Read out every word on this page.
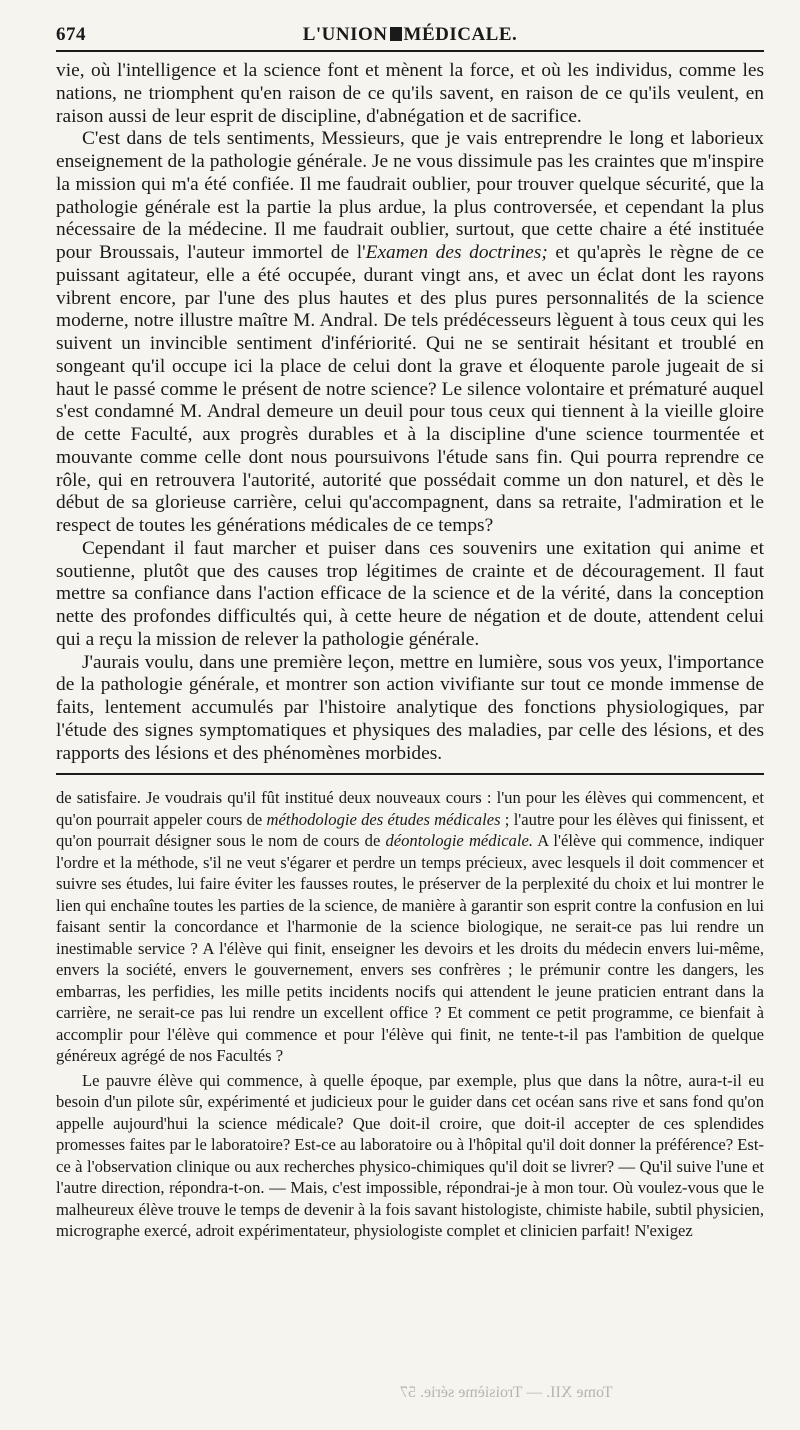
674	L'UNION MÉDICALE.

vie, où l'intelligence et la science font et mènent la force, et où les individus, comme les nations, ne triomphent qu'en raison de ce qu'ils savent, en raison de ce qu'ils veulent, en raison aussi de leur esprit de discipline, d'abnégation et de sacrifice.

C'est dans de tels sentiments, Messieurs, que je vais entreprendre le long et laborieux enseignement de la pathologie générale. Je ne vous dissimule pas les craintes que m'inspire la mission qui m'a été confiée. Il me faudrait oublier, pour trouver quelque sécurité, que la pathologie générale est la partie la plus ardue, la plus controversée, et cependant la plus nécessaire de la médecine. Il me faudrait oublier, surtout, que cette chaire a été instituée pour Broussais, l'auteur immortel de l'Examen des doctrines; et qu'après le règne de ce puissant agitateur, elle a été occupée, durant vingt ans, et avec un éclat dont les rayons vibrent encore, par l'une des plus hautes et des plus pures personnalités de la science moderne, notre illustre maître M. Andral. De tels prédécesseurs lèguent à tous ceux qui les suivent un invincible sentiment d'infériorité. Qui ne se sentirait hésitant et troublé en songeant qu'il occupe ici la place de celui dont la grave et éloquente parole jugeait de si haut le passé comme le présent de notre science? Le silence volontaire et prématuré auquel s'est condamné M. Andral demeure un deuil pour tous ceux qui tiennent à la vieille gloire de cette Faculté, aux progrès durables et à la discipline d'une science tourmentée et mouvante comme celle dont nous poursuivons l'étude sans fin. Qui pourra reprendre ce rôle, qui en retrouvera l'autorité, autorité que possédait comme un don naturel, et dès le début de sa glorieuse carrière, celui qu'accompagnent, dans sa retraite, l'admiration et le respect de toutes les générations médicales de ce temps?

Cependant il faut marcher et puiser dans ces souvenirs une exitation qui anime et soutienne, plutôt que des causes trop légitimes de crainte et de découragement. Il faut mettre sa confiance dans l'action efficace de la science et de la vérité, dans la conception nette des profondes difficultés qui, à cette heure de négation et de doute, attendent celui qui a reçu la mission de relever la pathologie générale.

J'aurais voulu, dans une première leçon, mettre en lumière, sous vos yeux, l'importance de la pathologie générale, et montrer son action vivifiante sur tout ce monde immense de faits, lentement accumulés par l'histoire analytique des fonctions physiologiques, par l'étude des signes symptomatiques et physiques des maladies, par celle des lésions, et des rapports des lésions et des phénomènes morbides.

de satisfaire. Je voudrais qu'il fût institué deux nouveaux cours : l'un pour les élèves qui commencent, et qu'on pourrait appeler cours de méthodologie des études médicales ; l'autre pour les élèves qui finissent, et qu'on pourrait désigner sous le nom de cours de déontologie médicale. A l'élève qui commence, indiquer l'ordre et la méthode, s'il ne veut s'égarer et perdre un temps précieux, avec lesquels il doit commencer et suivre ses études, lui faire éviter les fausses routes, le préserver de la perplexité du choix et lui montrer le lien qui enchaîne toutes les parties de la science, de manière à garantir son esprit contre la confusion en lui faisant sentir la concordance et l'harmonie de la science biologique, ne serait-ce pas lui rendre un inestimable service ? A l'élève qui finit, enseigner les devoirs et les droits du médecin envers lui-même, envers la société, envers le gouvernement, envers ses confrères ; le prémunir contre les dangers, les embarras, les perfidies, les mille petits incidents nocifs qui attendent le jeune praticien entrant dans la carrière, ne serait-ce pas lui rendre un excellent office ? Et comment ce petit programme, ce bienfait à accomplir pour l'élève qui commence et pour l'élève qui finit, ne tente-t-il pas l'ambition de quelque généreux agrégé de nos Facultés ?

Le pauvre élève qui commence, à quelle époque, par exemple, plus que dans la nôtre, aura-t-il eu besoin d'un pilote sûr, expérimenté et judicieux pour le guider dans cet océan sans rive et sans fond qu'on appelle aujourd'hui la science médicale? Que doit-il croire, que doit-il accepter de ces splendides promesses faites par le laboratoire? Est-ce au laboratoire ou à l'hôpital qu'il doit donner la préférence? Est-ce à l'observation clinique ou aux recherches physico-chimiques qu'il doit se livrer? — Qu'il suive l'une et l'autre direction, répondra-t-on. — Mais, c'est impossible, répondrai-je à mon tour. Où voulez-vous que le malheureux élève trouve le temps de devenir à la fois savant histologiste, chimiste habile, subtil physicien, micrographe exercé, adroit expérimentateur, physiologiste complet et clinicien parfait! N'exigez

Tome XII. — Troisième série. 57
